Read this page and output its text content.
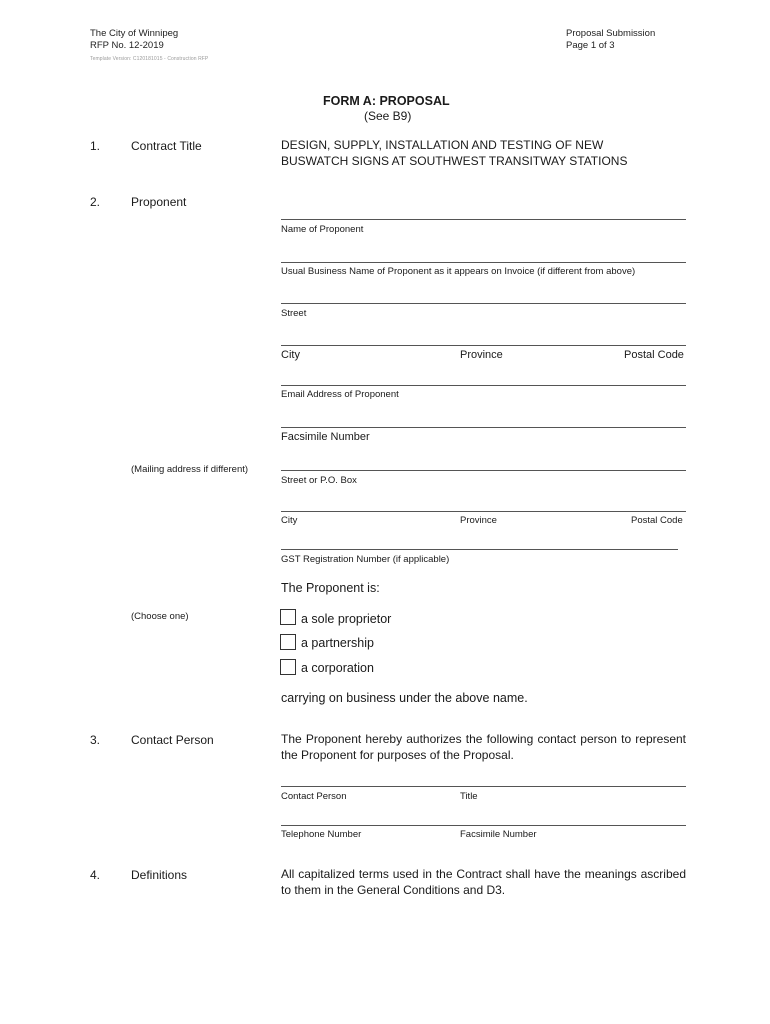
The City of Winnipeg
RFP No. 12-2019
Template Version: C120181015 - Construction RFP
Proposal Submission
Page 1 of 3
FORM A: PROPOSAL
(See B9)
1.	Contract Title	DESIGN, SUPPLY, INSTALLATION AND TESTING OF NEW
BUSWATCH SIGNS AT SOUTHWEST TRANSITWAY STATIONS
2.	Proponent
Name of Proponent
Usual Business Name of Proponent as it appears on Invoice (if different from above)
Street
City	Province	Postal Code
Email Address of Proponent
Facsimile Number
(Mailing address if different)
Street or P.O. Box
City	Province	Postal Code
GST Registration Number (if applicable)
The Proponent is:
(Choose one)	a sole proprietor
a partnership
a corporation
carrying on business under the above name.
3.	Contact Person	The Proponent hereby authorizes the following contact person to represent the Proponent for purposes of the Proposal.
Contact Person	Title
Telephone Number	Facsimile Number
4.	Definitions	All capitalized terms used in the Contract shall have the meanings ascribed to them in the General Conditions and D3.
